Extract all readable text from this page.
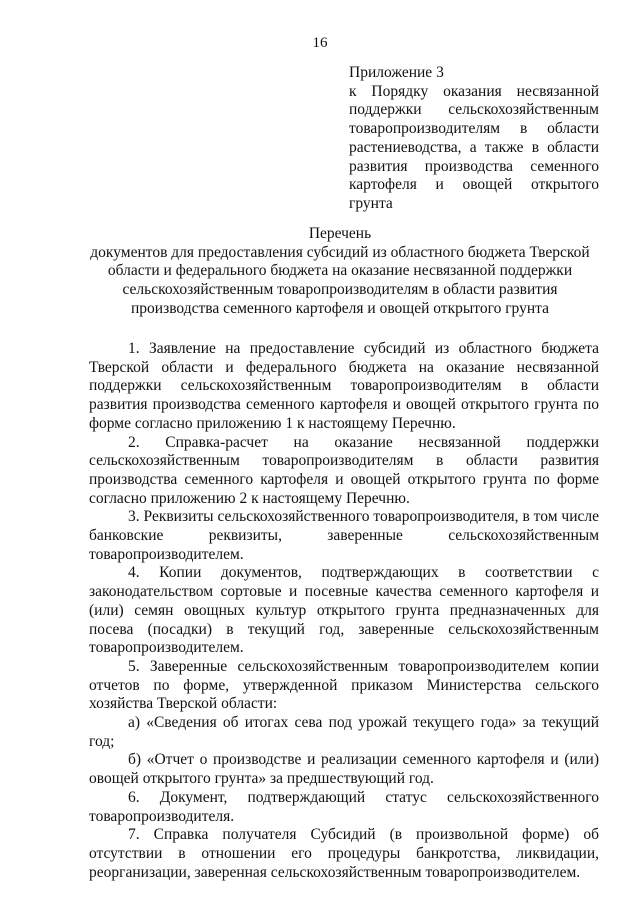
16
Приложение 3
к Порядку оказания несвязанной поддержки сельскохозяйственным товаропроизводителям в области растениеводства, а также в области развития производства семенного картофеля и овощей открытого грунта
Перечень
документов для предоставления субсидий из областного бюджета Тверской области и федерального бюджета на оказание несвязанной поддержки сельскохозяйственным товаропроизводителям в области развития производства семенного картофеля и овощей открытого грунта

1. Заявление на предоставление субсидий из областного бюджета Тверской области и федерального бюджета на оказание несвязанной поддержки сельскохозяйственным товаропроизводителям в области развития производства семенного картофеля и овощей открытого грунта по форме согласно приложению 1 к настоящему Перечню.

2. Справка-расчет на оказание несвязанной поддержки сельскохозяйственным товаропроизводителям в области развития производства семенного картофеля и овощей открытого грунта по форме согласно приложению 2 к настоящему Перечню.

3. Реквизиты сельскохозяйственного товаропроизводителя, в том числе банковские реквизиты, заверенные сельскохозяйственным товаропроизводителем.

4. Копии документов, подтверждающих в соответствии с законодательством сортовые и посевные качества семенного картофеля и (или) семян овощных культур открытого грунта предназначенных для посева (посадки) в текущий год, заверенные сельскохозяйственным товаропроизводителем.

5. Заверенные сельскохозяйственным товаропроизводителем копии отчетов по форме, утвержденной приказом Министерства сельского хозяйства Тверской области:

а) «Сведения об итогах сева под урожай текущего года» за текущий год;

б) «Отчет о производстве и реализации семенного картофеля и (или) овощей открытого грунта» за предшествующий год.

6. Документ, подтверждающий статус сельскохозяйственного товаропроизводителя.

7. Справка получателя Субсидий (в произвольной форме) об отсутствии в отношении его процедуры банкротства, ликвидации, реорганизации, заверенная сельскохозяйственным товаропроизводителем.
